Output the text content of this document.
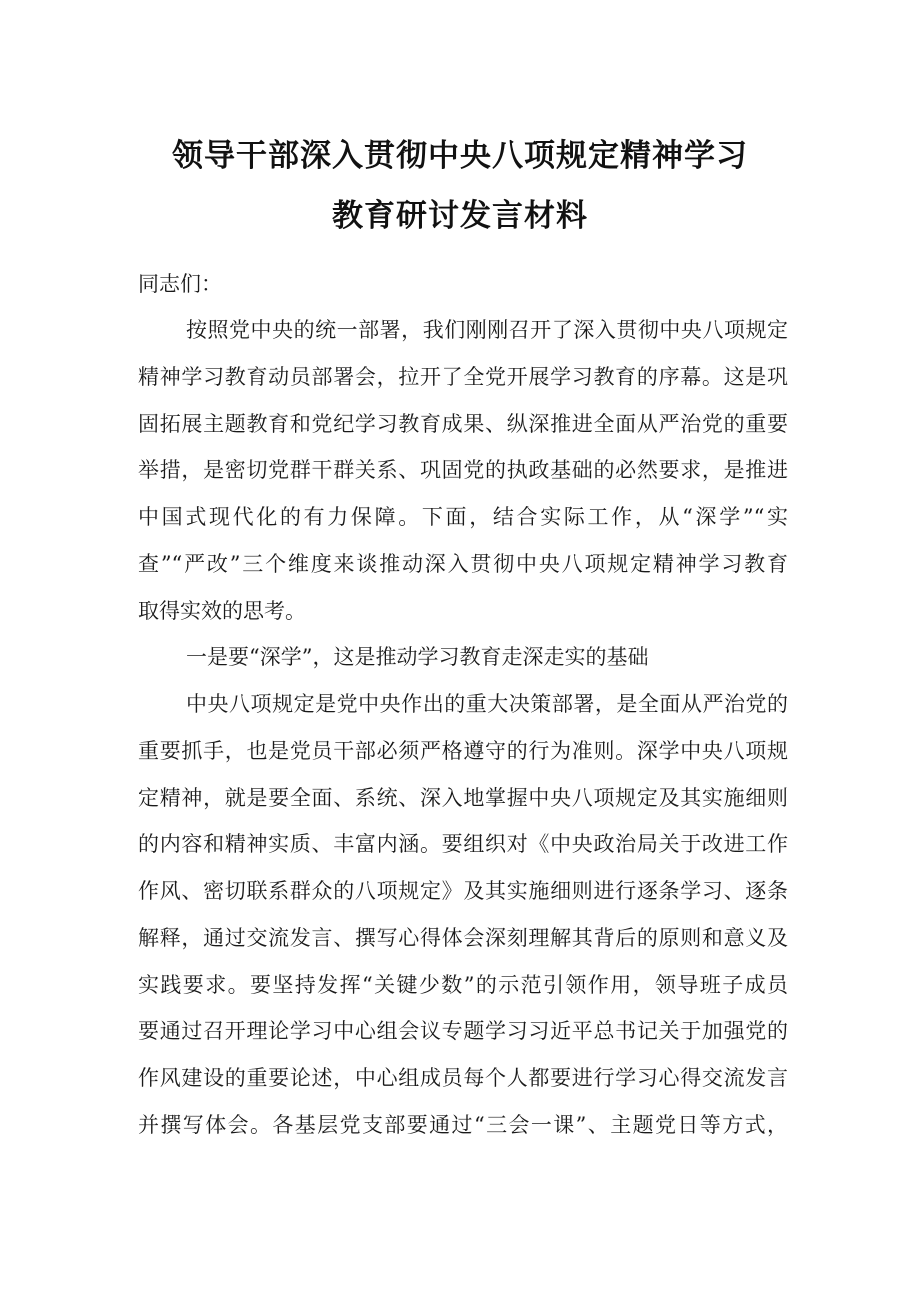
领导干部深入贯彻中央八项规定精神学习
教育研讨发言材料
同志们：
按照党中央的统一部署，我们刚刚召开了深入贯彻中央八项规定
精神学习教育动员部署会，拉开了全党开展学习教育的序幕。这是巩
固拓展主题教育和党纪学习教育成果、纵深推进全面从严治党的重要
举措，是密切党群干群关系、巩固党的执政基础的必然要求，是推进
中国式现代化的有力保障。下面，结合实际工作，从“深学”“实
查”“严改”三个维度来谈推动深入贯彻中央八项规定精神学习教育
取得实效的思考。
一是要“深学”，这是推动学习教育走深走实的基础
中央八项规定是党中央作出的重大决策部署，是全面从严治党的
重要抓手，也是党员干部必须严格遵守的行为准则。深学中央八项规
定精神，就是要全面、系统、深入地掌握中央八项规定及其实施细则
的内容和精神实质、丰富内涵。要组织对《中央政治局关于改进工作
作风、密切联系群众的八项规定》及其实施细则进行逐条学习、逐条
解释，通过交流发言、撰写心得体会深刻理解其背后的原则和意义及
实践要求。要坚持发挥“关键少数”的示范引领作用，领导班子成员
要通过召开理论学习中心组会议专题学习习近平总书记关于加强党的
作风建设的重要论述，中心组成员每个人都要进行学习心得交流发言
并撰写体会。各基层党支部要通过“三会一课”、主题党日等方式，
